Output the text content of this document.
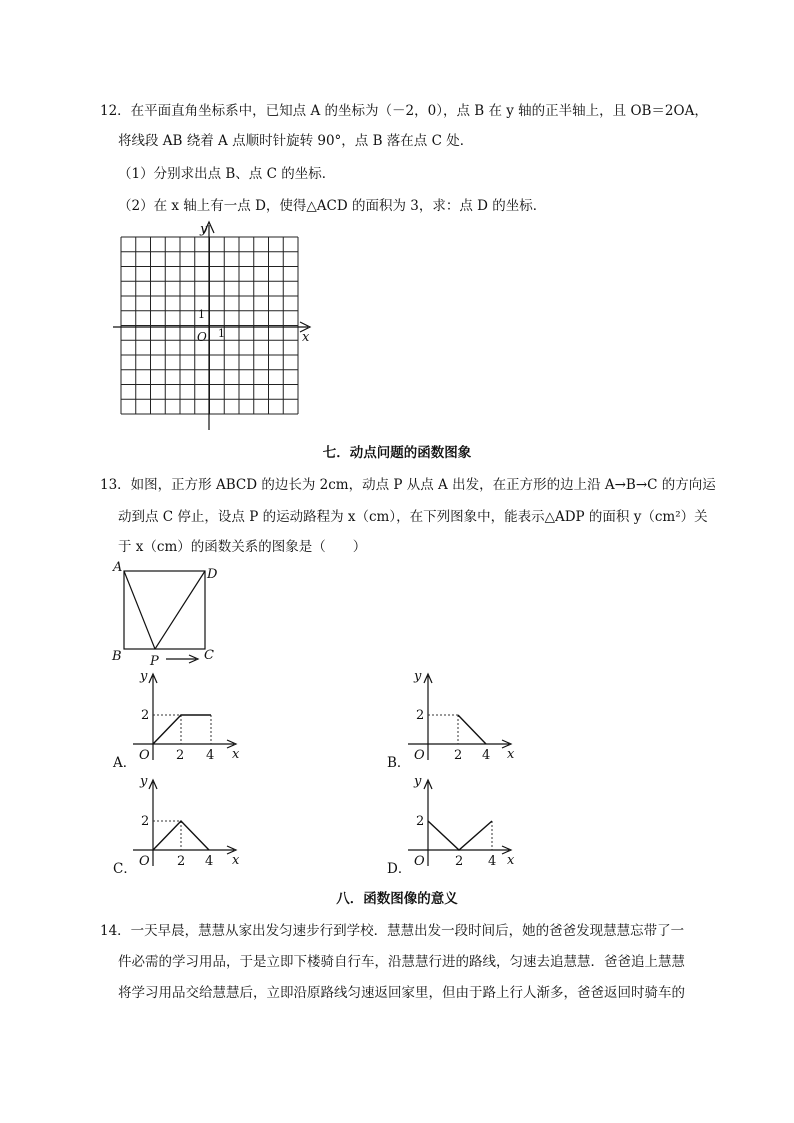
12．在平面直角坐标系中，已知点 A 的坐标为（－2，0），点 B 在 y 轴的正半轴上，且 OB＝2OA，
将线段 AB 绕着 A 点顺时针旋转 90°，点 B 落在点 C 处．
（1）分别求出点 B、点 C 的坐标．
（2）在 x 轴上有一点 D，使得△ACD 的面积为 3，求：点 D 的坐标．
y
x
O 1
1
七．动点问题的函数图象
13．如图，正方形 ABCD 的边长为 2cm，动点 P 从点 A 出发，在正方形的边上沿 A→B→C 的方向运
动到点 C 停止，设点 P 的运动路程为 x（cm），在下列图象中，能表示△ADP 的面积 y（cm²）关
于 x（cm）的函数关系的图象是（　　）
A	D
B	C
P
y
x
O 2 4
2
y
x
O 2 4
2
y
x
O 2 4
2
y
x
O 2 4
2
A．	B．
C．	D．
八．函数图像的意义
14．一天早晨，慧慧从家出发匀速步行到学校．慧慧出发一段时间后，她的爸爸发现慧慧忘带了一
件必需的学习用品，于是立即下楼骑自行车，沿慧慧行进的路线，匀速去追慧慧．爸爸追上慧慧
将学习用品交给慧慧后，立即沿原路线匀速返回家里，但由于路上行人渐多，爸爸返回时骑车的
